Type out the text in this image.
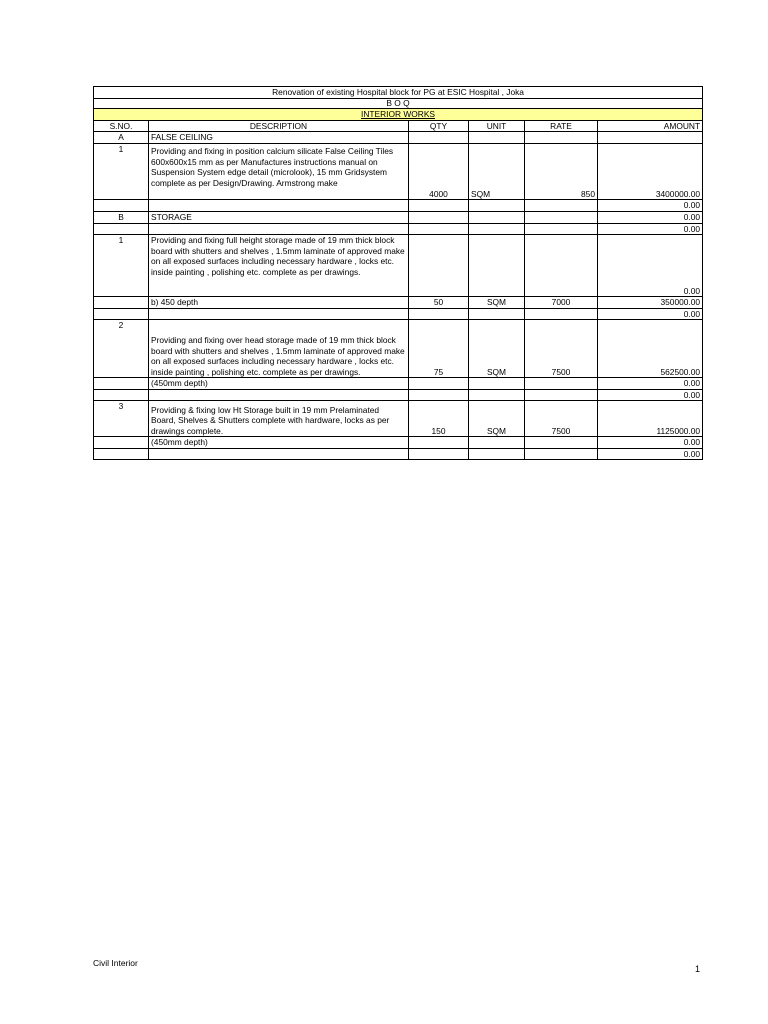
Renovation of existing Hospital block for PG at ESIC Hospital , Joka					
B O Q					
INTERIOR WORKS					
S.NO.	DESCRIPTION	QTY	UNIT	RATE	AMOUNT
A	FALSE CEILING				
1	Providing and fixing in position calcium silicate False Ceiling Tiles 600x600x15 mm as per Manufactures instructions manual on Suspension System edge detail (microlook), 15 mm Gridsystem complete as per Design/Drawing. Armstrong make	4000	SQM	850	3400000.00
					0.00
B	STORAGE				0.00
					0.00
1	Providing and fixing full height storage made of 19 mm thick block board with shutters and shelves , 1.5mm laminate of approved make on all exposed surfaces including necessary hardware , locks etc. inside painting , polishing etc. complete as per drawings.				0.00
	b) 450 depth	50	SQM	7000	350000.00
					0.00
2	Providing and fixing over head storage made of 19 mm thick block board with shutters and shelves , 1.5mm laminate of approved make on all exposed surfaces including necessary hardware , locks etc. inside painting , polishing etc. complete as per drawings.	75	SQM	7500	562500.00
	(450mm depth)				0.00
					0.00
3	Providing & fixing low Ht Storage built in 19 mm Prelaminated Board, Shelves & Shutters complete with hardware, locks as per drawings complete.	150	SQM	7500	1125000.00
	(450mm depth)				0.00
					0.00
Civil Interior
1
